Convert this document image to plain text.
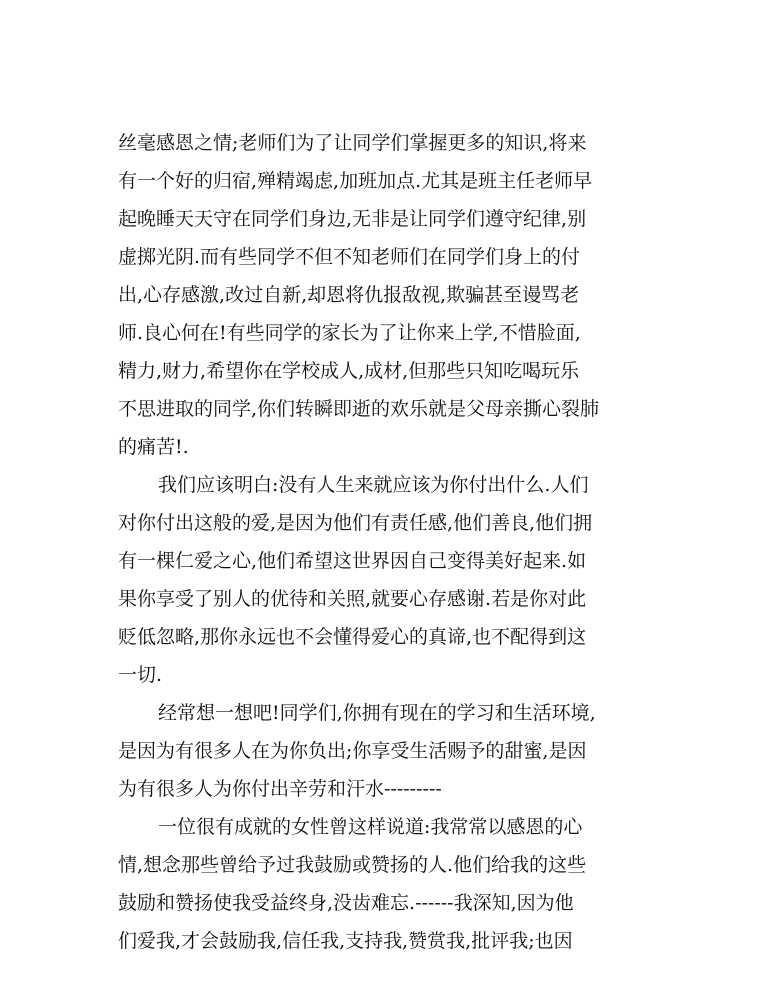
丝毫感恩之情;老师们为了让同学们掌握更多的知识,将来
有一个好的归宿,殚精竭虑,加班加点.尤其是班主任老师早
起晚睡天天守在同学们身边,无非是让同学们遵守纪律,别
虚掷光阴.而有些同学不但不知老师们在同学们身上的付
出,心存感激,改过自新,却恩将仇报敌视,欺骗甚至谩骂老
师.良心何在!有些同学的家长为了让你来上学,不惜脸面,
精力,财力,希望你在学校成人,成材,但那些只知吃喝玩乐
不思进取的同学,你们转瞬即逝的欢乐就是父母亲撕心裂肺
的痛苦!.
我们应该明白:没有人生来就应该为你付出什么.人们
对你付出这般的爱,是因为他们有责任感,他们善良,他们拥
有一棵仁爱之心,他们希望这世界因自己变得美好起来.如
果你享受了别人的优待和关照,就要心存感谢.若是你对此
贬低忽略,那你永远也不会懂得爱心的真谛,也不配得到这
一切.
经常想一想吧!同学们,你拥有现在的学习和生活环境,
是因为有很多人在为你负出;你享受生活赐予的甜蜜,是因
为有很多人为你付出辛劳和汗水---------
一位很有成就的女性曾这样说道:我常常以感恩的心
情,想念那些曾给予过我鼓励或赞扬的人.他们给我的这些
鼓励和赞扬使我受益终身,没齿难忘.------我深知,因为他
们爱我,才会鼓励我,信任我,支持我,赞赏我,批评我;也因
